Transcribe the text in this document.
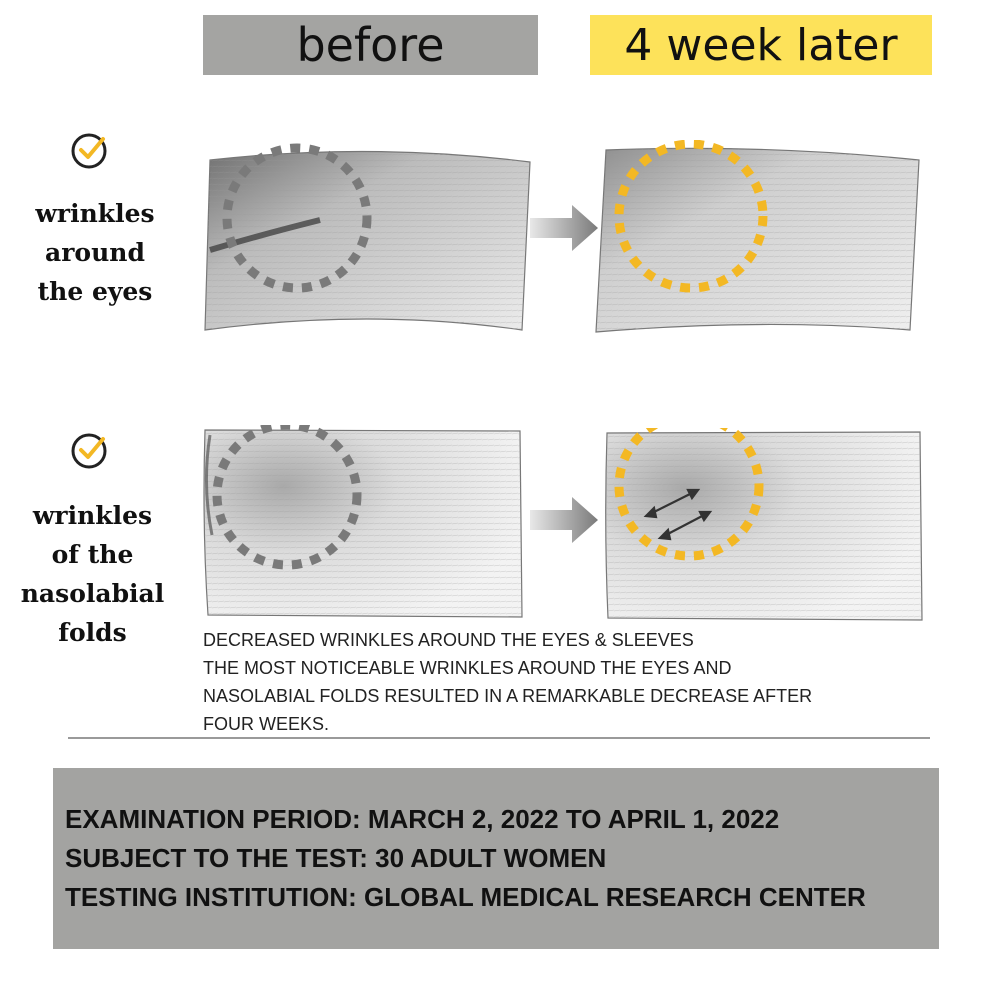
before	4 week later
wrinkles
around
the eyes
wrinkles
of the
nasolabial
folds	DECREASED WRINKLES AROUND THE EYES & SLEEVES
THE MOST NOTICEABLE WRINKLES AROUND THE EYES AND
NASOLABIAL FOLDS RESULTED IN A REMARKABLE DECREASE AFTER
FOUR WEEKS.
EXAMINATION PERIOD: MARCH 2, 2022 TO APRIL 1, 2022
SUBJECT TO THE TEST: 30 ADULT WOMEN
TESTING INSTITUTION: GLOBAL MEDICAL RESEARCH CENTER
